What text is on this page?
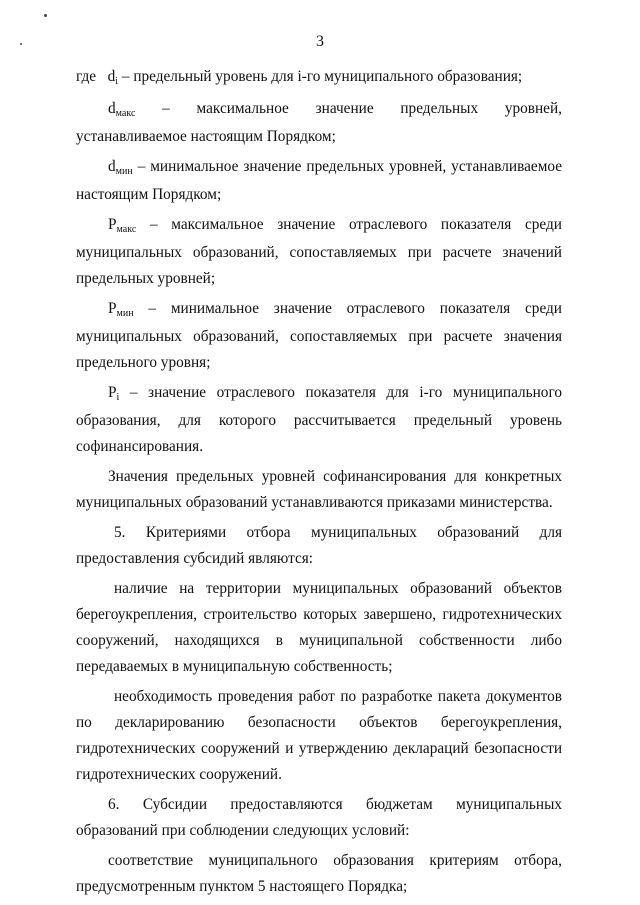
3

где di – предельный уровень для i-го муниципального образования;

dмакс – максимальное значение предельных уровней, устанавливаемое настоящим Порядком;

dмин – минимальное значение предельных уровней, устанавливаемое настоящим Порядком;

Pмакс – максимальное значение отраслевого показателя среди муниципальных образований, сопоставляемых при расчете значений предельных уровней;

Pмин – минимальное значение отраслевого показателя среди муниципальных образований, сопоставляемых при расчете значения предельного уровня;

Pi – значение отраслевого показателя для i-го муниципального образования, для которого рассчитывается предельный уровень софинансирования.

Значения предельных уровней софинансирования для конкретных муниципальных образований устанавливаются приказами министерства.

5. Критериями отбора муниципальных образований для предоставления субсидий являются:

наличие на территории муниципальных образований объектов берегоукрепления, строительство которых завершено, гидротехнических сооружений, находящихся в муниципальной собственности либо передаваемых в муниципальную собственность;

необходимость проведения работ по разработке пакета документов по декларированию безопасности объектов берегоукрепления, гидротехнических сооружений и утверждению деклараций безопасности гидротехнических сооружений.

6. Субсидии предоставляются бюджетам муниципальных образований при соблюдении следующих условий:

соответствие муниципального образования критериям отбора, предусмотренным пунктом 5 настоящего Порядка;
